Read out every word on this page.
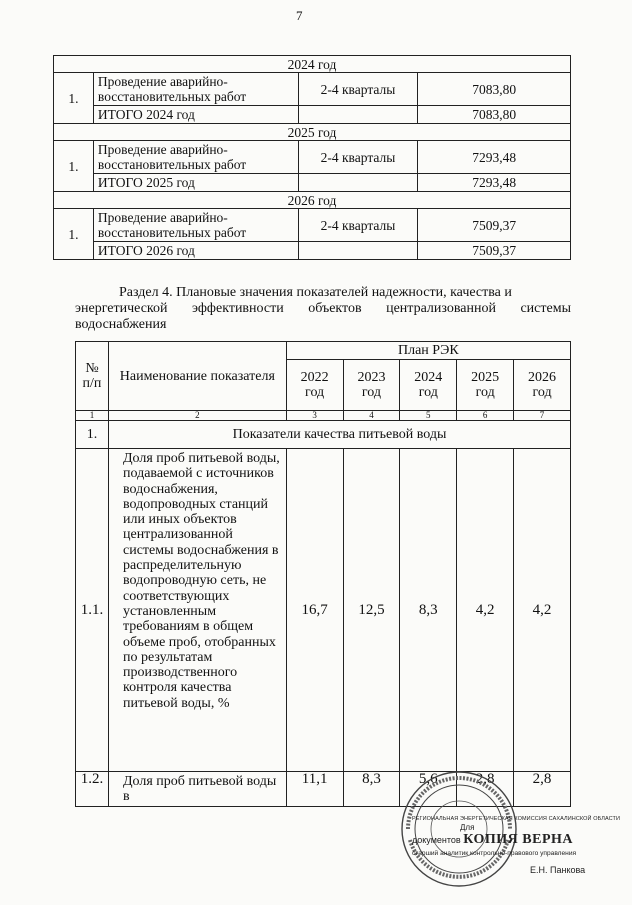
7
2024 год			
1.	Проведение аварийно-восстановительных работ	2-4 кварталы	7083,80
	ИТОГО 2024 год		7083,80
2025 год			
1.	Проведение аварийно-восстановительных работ	2-4 кварталы	7293,48
	ИТОГО 2025 год		7293,48
2026 год			
1.	Проведение аварийно-восстановительных работ	2-4 кварталы	7509,37
	ИТОГО 2026 год		7509,37
Раздел 4. Плановые значения показателей надежности, качества и
энергетической эффективности объектов централизованной системы
водоснабжения
№ п/п	Наименование показателя	План РЭК				
		2022 год	2023 год	2024 год	2025 год	2026 год
1	2	3	4	5	6	7
1.	Показатели качества питьевой воды					
1.1.	Доля проб питьевой воды, подаваемой с источников водоснабжения, водопроводных станций или иных объектов централизованной системы водоснабжения в распределительную водопроводную сеть, не соответствующих установленным требованиям в общем объеме проб, отобранных по результатам производственного контроля качества питьевой воды, %	16,7	12,5	8,3	4,2	4,2
1.2.	Доля проб питьевой воды в	11,1	8,3	5,6	2,8	2,8
РЕГИОНАЛЬНАЯ ЭНЕРГЕТИЧЕСКАЯ КОМИССИЯ САХАЛИНСКОЙ ОБЛАСТИ
Для
документов КОПИЯ ВЕРНА
старший аналитик контрольно-правового управления
Е.Н. Панкова
